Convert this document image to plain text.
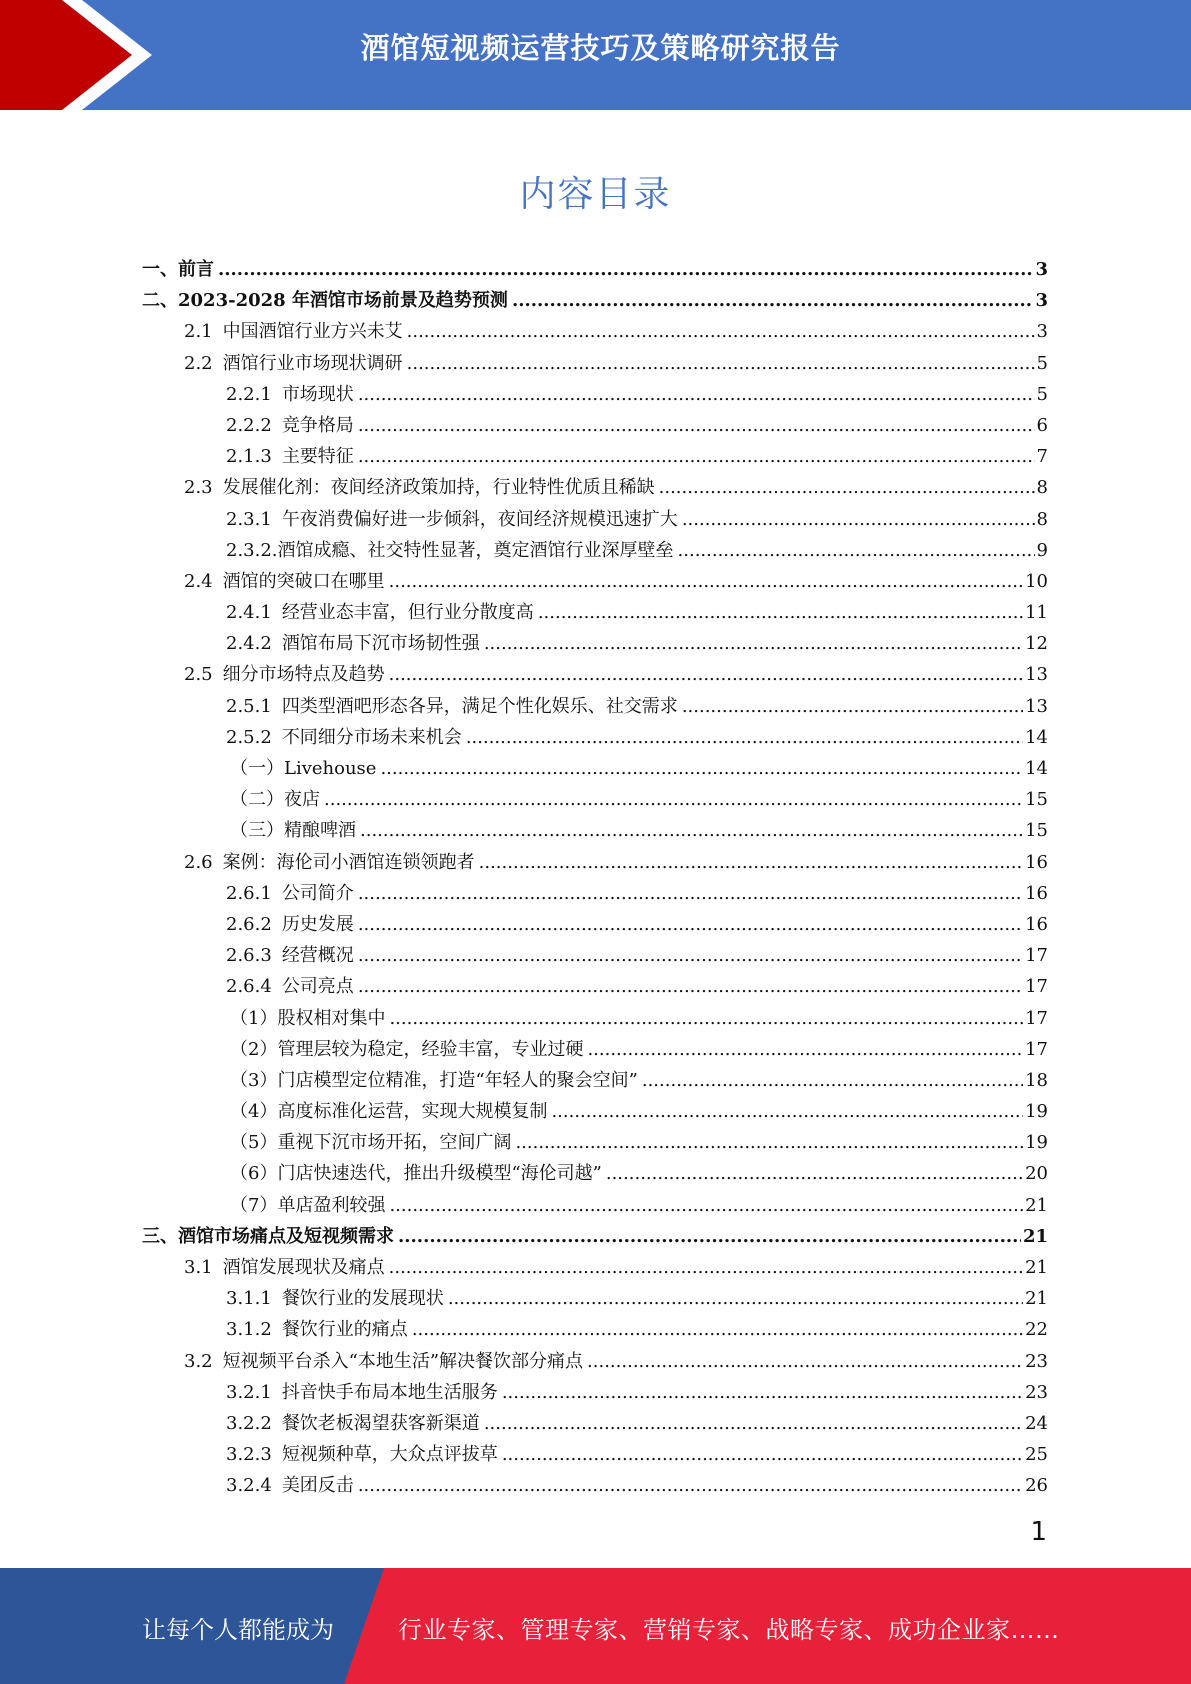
酒馆短视频运营技巧及策略研究报告
内容目录
一、前言 .....	3
二、2023-2028 年酒馆市场前景及趋势预测 .....	3
2.1 中国酒馆行业方兴未艾 .....	3
2.2 酒馆行业市场现状调研 .....	5
2.2.1 市场现状 .....	5
2.2.2 竞争格局 .....	6
2.1.3 主要特征 .....	7
2.3 发展催化剂：夜间经济政策加持，行业特性优质且稀缺 .....	8
2.3.1 午夜消费偏好进一步倾斜，夜间经济规模迅速扩大 .....	8
2.3.2.酒馆成瘾、社交特性显著，奠定酒馆行业深厚壁垒 .....	9
2.4 酒馆的突破口在哪里 .....	10
2.4.1 经营业态丰富，但行业分散度高 .....	11
2.4.2 酒馆布局下沉市场韧性强 .....	12
2.5 细分市场特点及趋势 .....	13
2.5.1 四类型酒吧形态各异，满足个性化娱乐、社交需求 .....	13
2.5.2 不同细分市场未来机会 .....	14
（一）Livehouse .....	14
（二）夜店 .....	15
（三）精酿啤酒 .....	15
2.6 案例：海伦司小酒馆连锁领跑者 .....	16
2.6.1 公司简介 .....	16
2.6.2 历史发展 .....	16
2.6.3 经营概况 .....	17
2.6.4 公司亮点 .....	17
（1）股权相对集中 .....	17
（2）管理层较为稳定，经验丰富，专业过硬 .....	17
（3）门店模型定位精准，打造“年轻人的聚会空间” .....	18
（4）高度标准化运营，实现大规模复制 .....	19
（5）重视下沉市场开拓，空间广阔 .....	19
（6）门店快速迭代，推出升级模型“海伦司越” .....	20
（7）单店盈利较强 .....	21
三、酒馆市场痛点及短视频需求 .....	21
3.1 酒馆发展现状及痛点 .....	21
3.1.1 餐饮行业的发展现状 .....	21
3.1.2 餐饮行业的痛点 .....	22
3.2 短视频平台杀入“本地生活”解决餐饮部分痛点 .....	23
3.2.1 抖音快手布局本地生活服务 .....	23
3.2.2 餐饮老板渴望获客新渠道 .....	24
3.2.3 短视频种草，大众点评拔草 .....	25
3.2.4 美团反击 .....	26
1
让每个人都能成为	行业专家、管理专家、营销专家、战略专家、成功企业家……
